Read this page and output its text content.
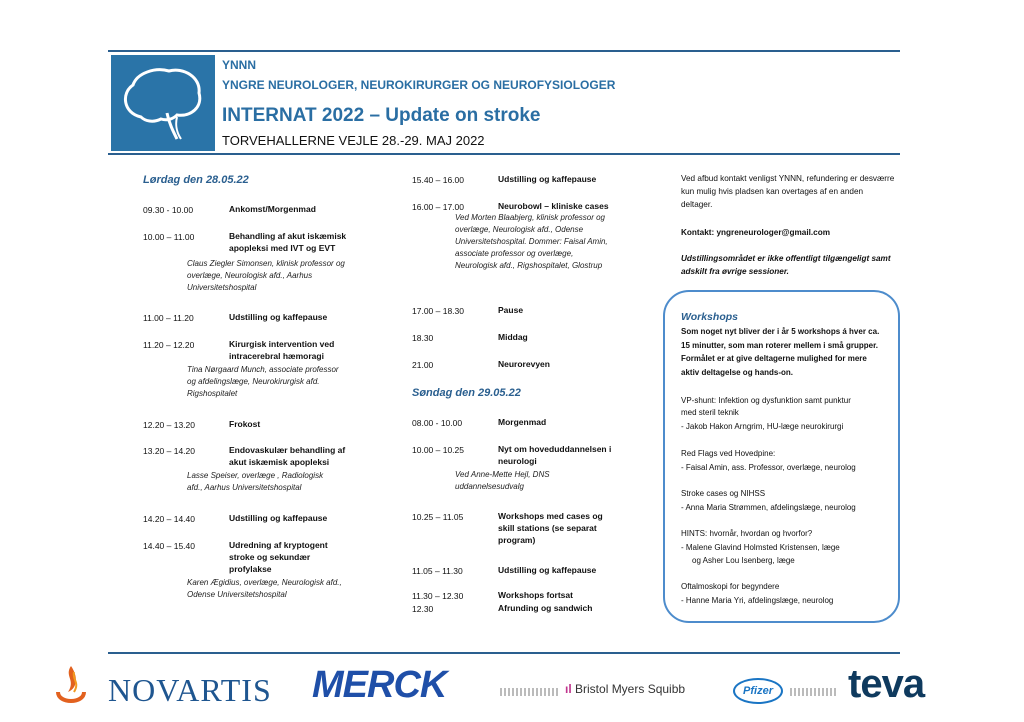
YNNN
YNGRE NEUROLOGER, NEUROKIRURGER OG NEUROFYSIOLOGER
INTERNAT 2022 – Update on stroke
TORVEHALLERNE VEJLE 28.-29. MAJ 2022
Lørdag den 28.05.22
09.30 - 10.00	Ankomst/Morgenmad
10.00 – 11.00	Behandling af akut iskæmisk apopleksi med IVT og EVT
Claus Ziegler Simonsen, klinisk professor og overlæge, Neurologisk afd., Aarhus Universitetshospital
11.00 – 11.20	Udstilling og kaffepause
11.20 – 12.20	Kirurgisk intervention ved intracerebral hæmoragi
Tina Nørgaard Munch, associate professor og afdelingslæge, Neurokirurgisk afd. Rigshospitalet
12.20 – 13.20	Frokost
13.20 – 14.20	Endovaskulær behandling af akut iskæmisk apopleksi
Lasse Speiser, overlæge , Radiologisk afd., Aarhus Universitetshospital
14.20 – 14.40	Udstilling og kaffepause
14.40 – 15.40	Udredning af kryptogent stroke og sekundær profylakse
Karen Ægidius, overlæge, Neurologisk afd., Odense Universitetshospital
15.40 – 16.00	Udstilling og kaffepause
16.00 – 17.00	Neurobowl – kliniske cases
Ved Morten Blaabjerg, klinisk professor og overlæge, Neurologisk afd., Odense Universitetshospital. Dommer: Faisal Amin, associate professor og overlæge, Neurologisk afd., Rigshospitalet, Glostrup
17.00 – 18.30	Pause
18.30	Middag
21.00	Neurorevyen
Søndag den 29.05.22
08.00 - 10.00	Morgenmad
10.00 – 10.25	Nyt om hoveduddannelsen i neurologi
Ved Anne-Mette Hejl, DNS uddannelsesudvalg
10.25 – 11.05	Workshops med cases og skill stations (se separat program)
11.05 – 11.30	Udstilling og kaffepause
11.30 – 12.30	Workshops fortsat
12.30	Afrunding og sandwich
Ved afbud kontakt venligst YNNN, refundering er desværre kun mulig hvis pladsen kan overtages af en anden deltager.
Kontakt: yngreneurologer@gmail.com
Udstillingsområdet er ikke offentligt tilgængeligt samt adskilt fra øvrige sessioner.
Workshops
Som noget nyt bliver der i år 5 workshops á hver ca. 15 minutter, som man roterer mellem i små grupper. Formålet er at give deltagerne mulighed for mere aktiv deltagelse og hands-on.
VP-shunt: Infektion og dysfunktion samt punktur
med steril teknik
- Jakob Hakon Arngrim, HU-læge neurokirurgi
Red Flags ved Hovedpine:
- Faisal Amin, ass. Professor, overlæge, neurolog
Stroke cases og NIHSS
- Anna Maria Strømmen, afdelingslæge, neurolog
HINTS: hvornår, hvordan og hvorfor?
- Malene Glavind Holmsted Kristensen, læge
og Asher Lou Isenberg, læge
Oftalmoskopi for begyndere
- Hanne Maria Yri, afdelingslæge, neurolog
NOVARTIS MERCK	ıl Bristol Myers Squibb	Pfizer teva
